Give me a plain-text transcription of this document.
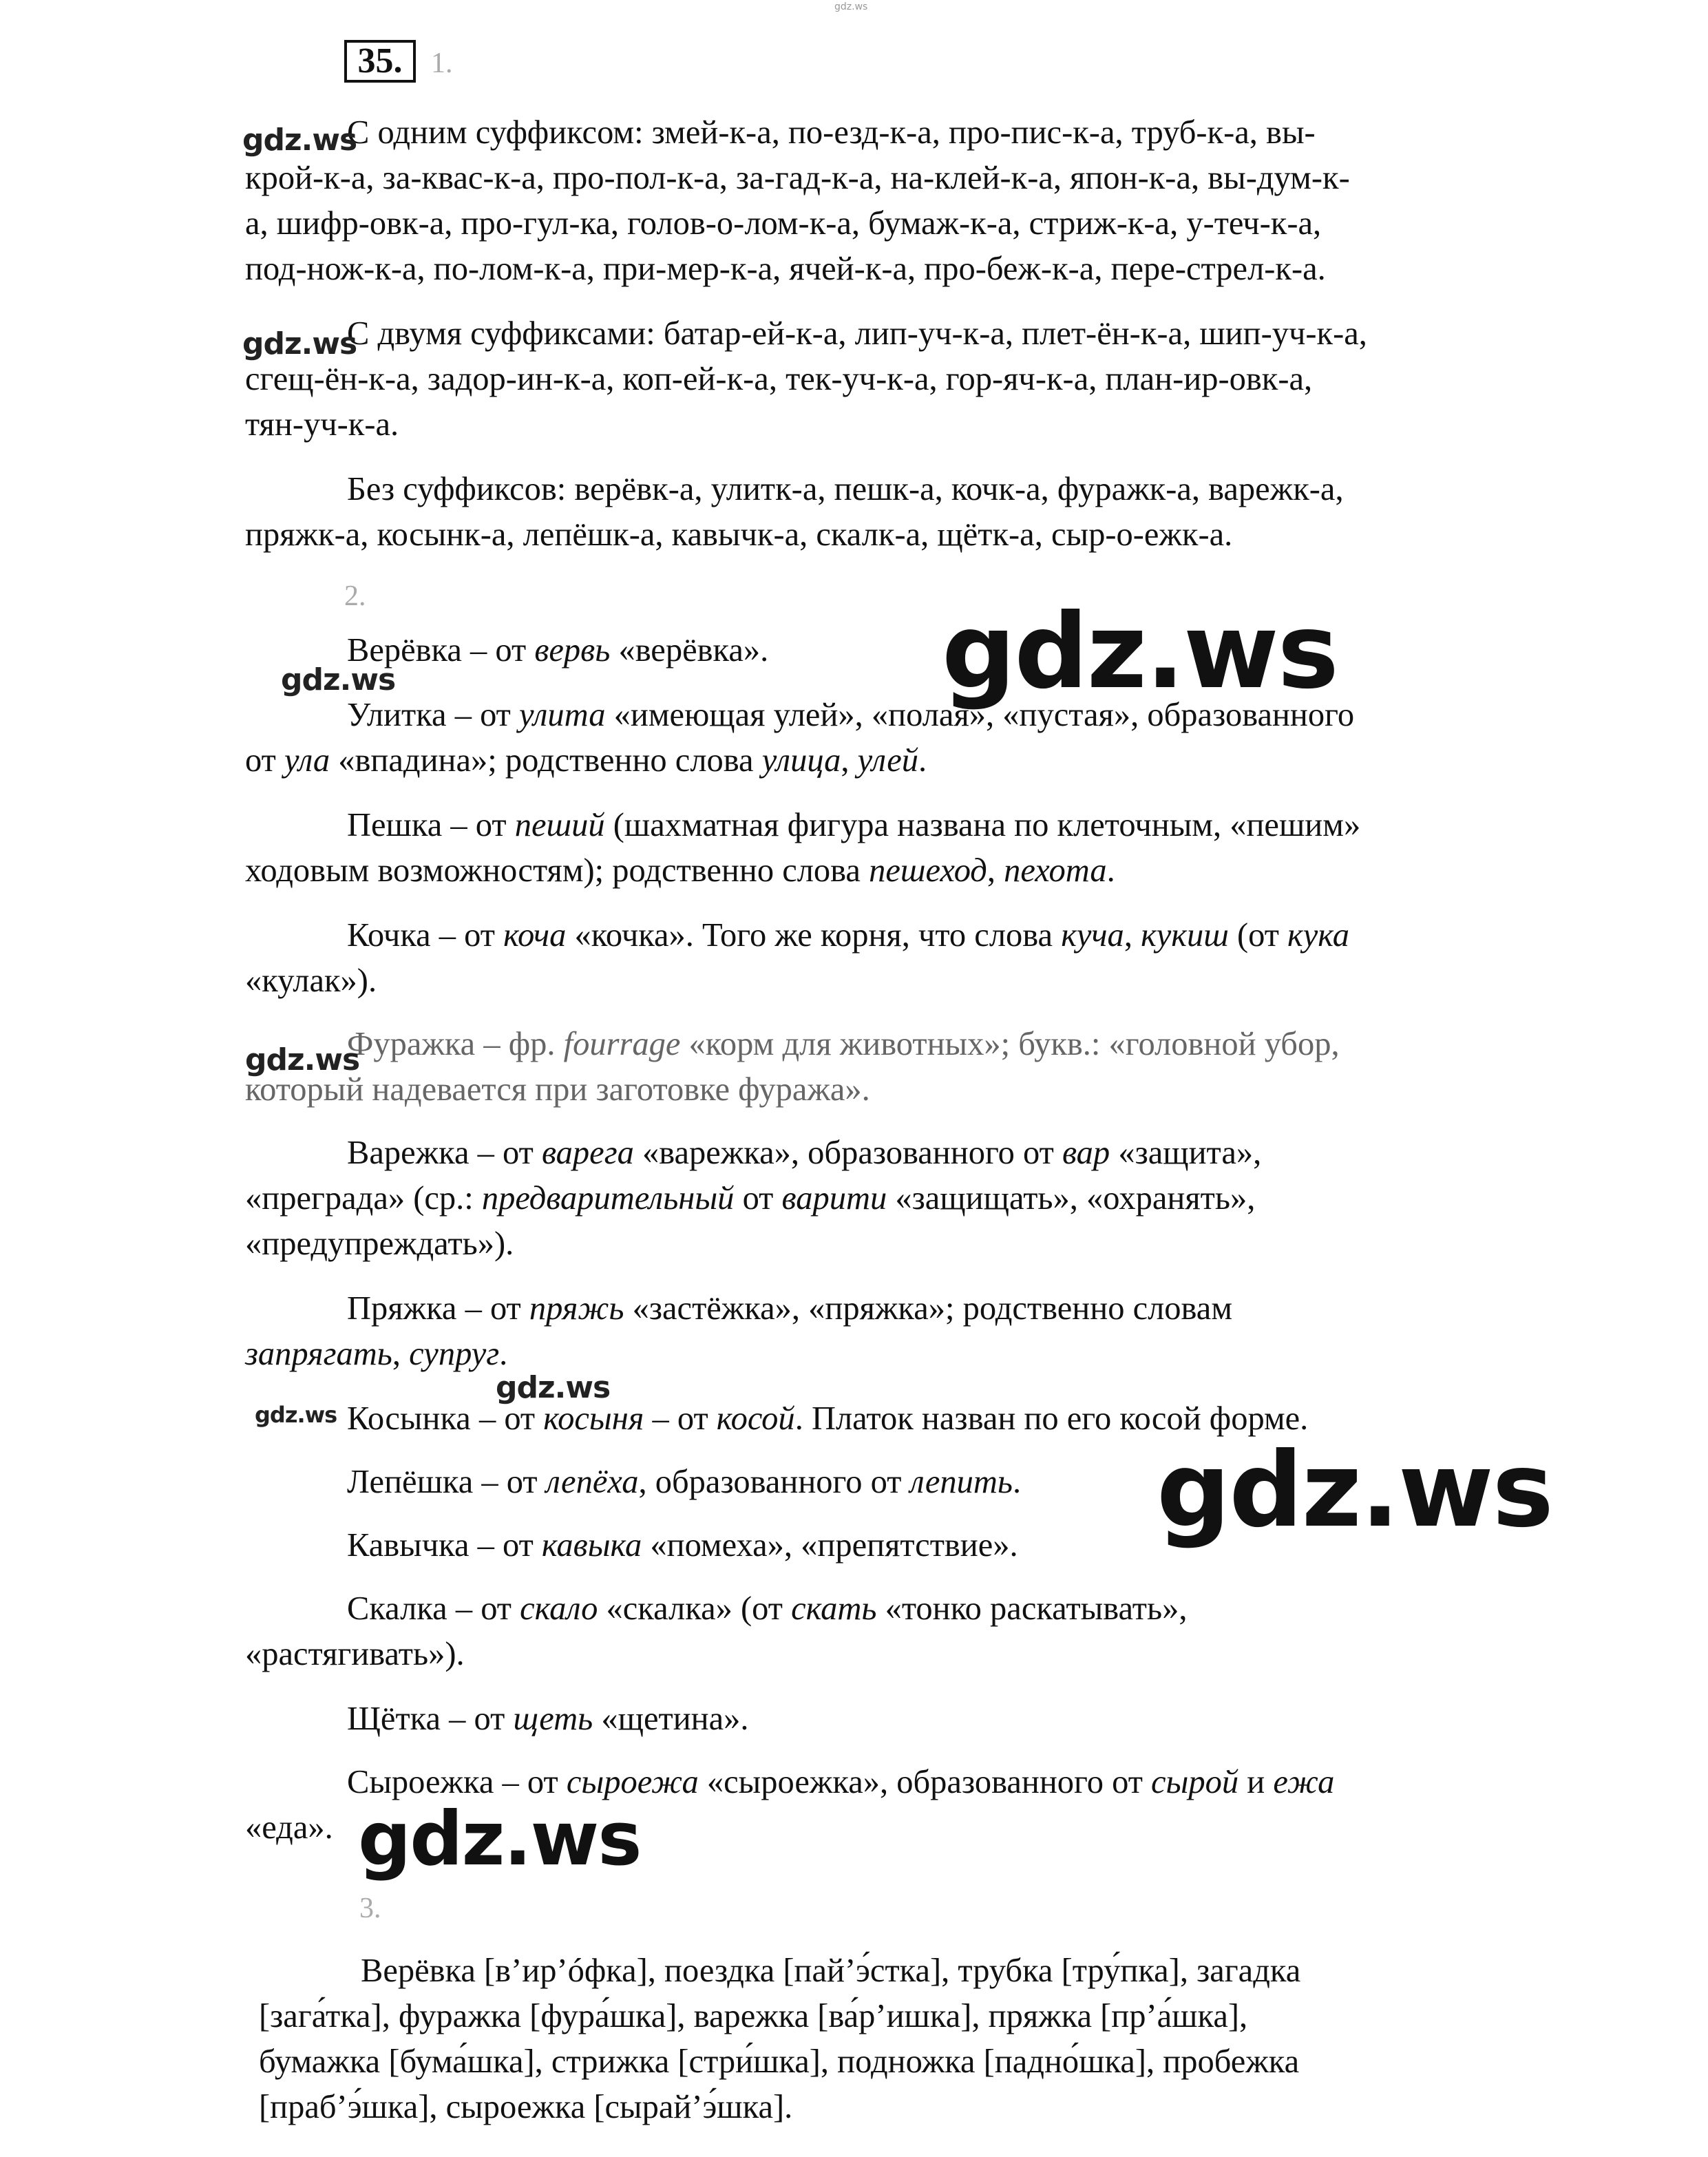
gdz.ws
35. 1.
С одним суффиксом: змей-к-а, по-езд-к-а, про-пис-к-а, труб-к-а, вы-
крой-к-а, за-квас-к-а, про-пол-к-а, за-гад-к-а, на-клей-к-а, япон-к-а, вы-дум-к-
а, шифр-овк-а, про-гул-ка, голов-о-лом-к-а, бумаж-к-а, стриж-к-а, у-теч-к-а,
под-нож-к-а, по-лом-к-а, при-мер-к-а, ячей-к-а, про-беж-к-а, пере-стрел-к-а.
С двумя суффиксами: батар-ей-к-а, лип-уч-к-а, плет-ён-к-а, шип-уч-к-а,
сгещ-ён-к-а, задор-ин-к-а, коп-ей-к-а, тек-уч-к-а, гор-яч-к-а, план-ир-овк-а,
тян-уч-к-а.
Без суффиксов: верёвк-а, улитк-а, пешк-а, кочк-а, фуражк-а, варежк-а,
пряжк-а, косынк-а, лепёшк-а, кавычк-а, скалк-а, щётк-а, сыр-о-ежк-а.
2.
Верёвка – от вервь «верёвка».
Улитка – от улита «имеющая улей», «полая», «пустая», образованного
от ула «впадина»; родственно слова улица, улей.
Пешка – от пеший (шахматная фигура названа по клеточным, «пешим»
ходовым возможностям); родственно слова пешеход, пехота.
Кочка – от коча «кочка». Того же корня, что слова куча, кукиш (от кука
«кулак»).
Фуражка – фр. fourrage «корм для животных»; букв.: «головной убор,
который надевается при заготовке фуража».
Варежка – от варега «варежка», образованного от вар «защита»,
«преграда» (ср.: предварительный от варити «защищать», «охранять»,
«предупреждать»).
Пряжка – от пряжь «застёжка», «пряжка»; родственно словам
запрягать, супруг.
Косынка – от косыня – от косой. Платок назван по его косой форме.
Лепёшка – от лепёха, образованного от лепить.
Кавычка – от кавыка «помеха», «препятствие».
Скалка – от скало «скалка» (от скать «тонко раскатывать»,
«растягивать»).
Щётка – от щеть «щетина».
Сыроежка – от сыроежа «сыроежка», образованного от сырой и ежа
«еда».
3.
Верёвка [в’ир’óфка], поездка [пай’э́стка], трубка [тру́пка], загадка
[зага́тка], фуражка [фура́шка], варежка [ва́р’ишка], пряжка [пр’а́шка],
бумажка [бума́шка], стрижка [стри́шка], подножка [падно́шка], пробежка
[праб’э́шка], сыроежка [сырай’э́шка].
gdz.ws
gdz.ws
gdz.ws
gdz.ws
gdz.ws
gdz.ws
gdz.ws
gdz.ws
gdz.ws
